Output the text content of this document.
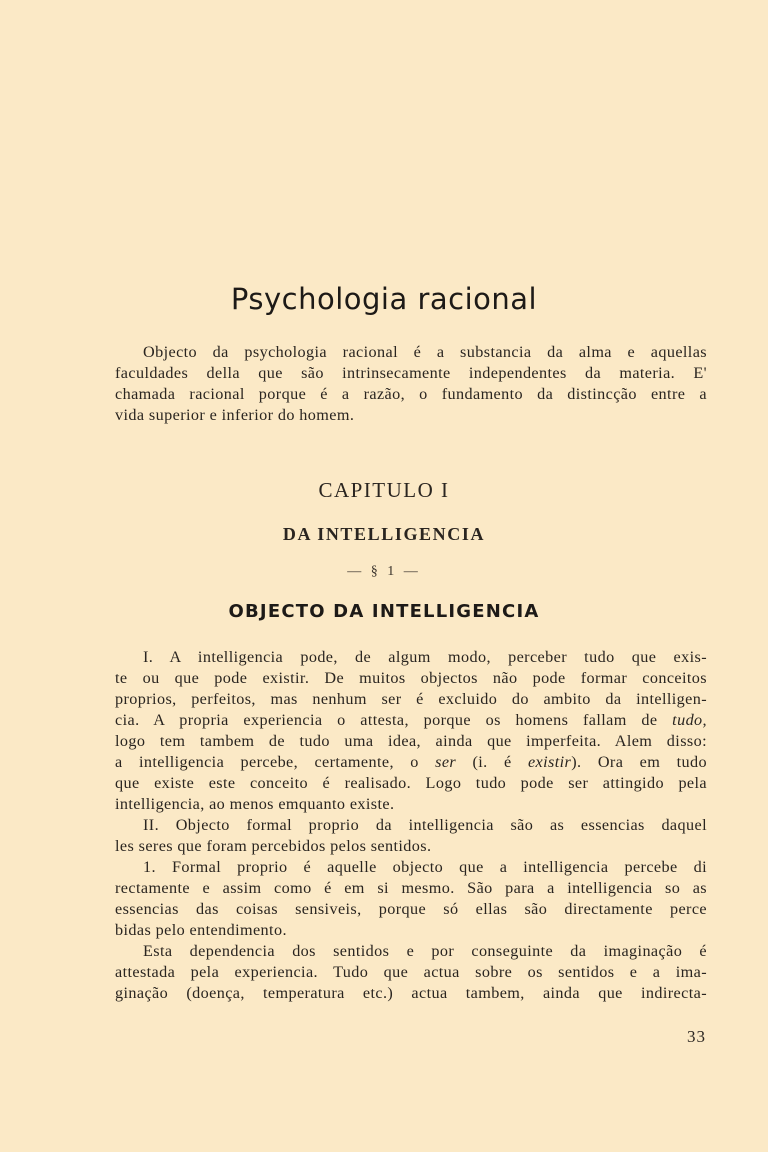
Psychologia racional
Objecto da psychologia racional é a substancia da alma e aquellas
faculdades della que são intrinsecamente independentes da materia. E'
chamada racional porque é a razão, o fundamento da distincção entre a
vida superior e inferior do homem.
CAPITULO I
DA INTELLIGENCIA
— § 1 —
OBJECTO DA INTELLIGENCIA
I. A intelligencia pode, de algum modo, perceber tudo que exis-
te ou que pode existir. De muitos objectos não pode formar conceitos
proprios, perfeitos, mas nenhum ser é excluido do ambito da intelligen-
cia. A propria experiencia o attesta, porque os homens fallam de tudo,
logo tem tambem de tudo uma idea, ainda que imperfeita. Alem disso:
a intelligencia percebe, certamente, o ser (i. é existir). Ora em tudo
que existe este conceito é realisado. Logo tudo pode ser attingido pela
intelligencia, ao menos emquanto existe.
II. Objecto formal proprio da intelligencia são as essencias daquel
les seres que foram percebidos pelos sentidos.
1. Formal proprio é aquelle objecto que a intelligencia percebe di
rectamente e assim como é em si mesmo. São para a intelligencia so as
essencias das coisas sensiveis, porque só ellas são directamente perce
bidas pelo entendimento.
Esta dependencia dos sentidos e por conseguinte da imaginação é
attestada pela experiencia. Tudo que actua sobre os sentidos e a ima-
ginação (doença, temperatura etc.) actua tambem, ainda que indirecta-
33
